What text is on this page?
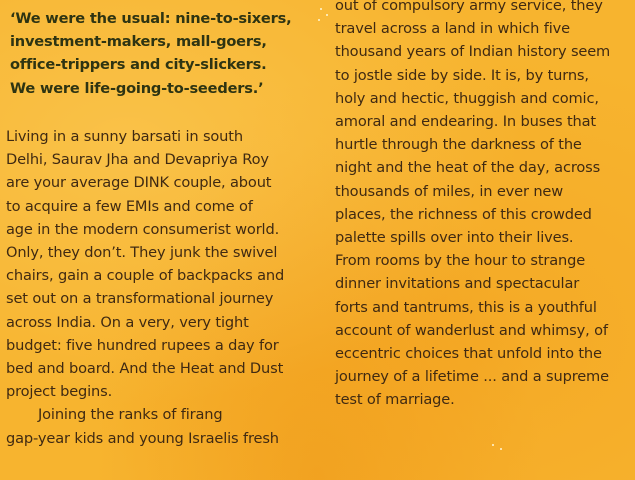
‘We were the usual: nine-to-sixers,
investment-makers, mall-goers,
office-trippers and city-slickers.
We were life-going-to-seeders.’
Living in a sunny barsati in south
Delhi, Saurav Jha and Devapriya Roy
are your average DINK couple, about
to acquire a few EMIs and come of
age in the modern consumerist world.
Only, they don’t. They junk the swivel
chairs, gain a couple of backpacks and
set out on a transformational journey
across India. On a very, very tight
budget: five hundred rupees a day for
bed and board. And the Heat and Dust
project begins.
Joining the ranks of firang
gap-year kids and young Israelis fresh
out of compulsory army service, they
travel across a land in which five
thousand years of Indian history seem
to jostle side by side. It is, by turns,
holy and hectic, thuggish and comic,
amoral and endearing. In buses that
hurtle through the darkness of the
night and the heat of the day, across
thousands of miles, in ever new
places, the richness of this crowded
palette spills over into their lives.
From rooms by the hour to strange
dinner invitations and spectacular
forts and tantrums, this is a youthful
account of wanderlust and whimsy, of
eccentric choices that unfold into the
journey of a lifetime ... and a supreme
test of marriage.
